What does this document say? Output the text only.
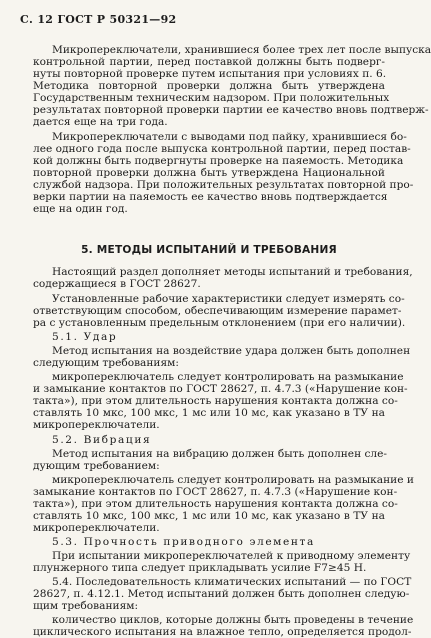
С. 12 ГОСТ Р 50321—92
Микропереключатели, хранившиеся более трех лет после выпуска
контрольной партии, перед поставкой должны быть подверг-
нуты повторной проверке путем испытания при условиях п. 6.
Методика повторной проверки должна быть утверждена
Государственным техническим надзором. При положительных
результатах повторной проверки партии ее качество вновь подтверж-
дается еще на три года.
Микропереключатели с выводами под пайку, хранившиеся бо-
лее одного года после выпуска контрольной партии, перед постав-
кой должны быть подвергнуты проверке на паяемость. Методика
повторной проверки должна быть утверждена Национальной
службой надзора. При положительных результатах повторной про-
верки партии на паяемость ее качество вновь подтверждается
еще на один год.
5. МЕТОДЫ ИСПЫТАНИЙ И ТРЕБОВАНИЯ
Настоящий раздел дополняет методы испытаний и требования,
содержащиеся в ГОСТ 28627.
Установленные рабочие характеристики следует измерять со-
ответствующим способом, обеспечивающим измерение парамет-
ра с установленным предельным отклонением (при его наличии).
5.1. Удар
Метод испытания на воздействие удара должен быть дополнен
следующим требованиям:
микропереключатель следует контролировать на размыкание
и замыкание контактов по ГОСТ 28627, п. 4.7.3 («Нарушение кон-
такта»), при этом длительность нарушения контакта должна со-
ставлять 10 мкс, 100 мкс, 1 мс или 10 мс, как указано в ТУ на
микропереключатели.
5.2. Вибрация
Метод испытания на вибрацию должен быть дополнен сле-
дующим требованием:
микропереключатель следует контролировать на размыкание и
замыкание контактов по ГОСТ 28627, п. 4.7.3 («Нарушение кон-
такта»), при этом длительность нарушения контакта должна со-
ставлять 10 мкс, 100 мкс, 1 мс или 10 мс, как указано в ТУ на
микропереключатели.
5.3. Прочность приводного элемента
При испытании микропереключателей к приводному элементу
плунжерного типа следует прикладывать усилие F7≥45 Н.
5.4. Последовательность климатических испытаний — по ГОСТ
28627, п. 4.12.1. Метод испытаний должен быть дополнен следую-
щим требованиям:
количество циклов, которые должны быть проведены в течение
циклического испытания на влажное тепло, определяется продол-
